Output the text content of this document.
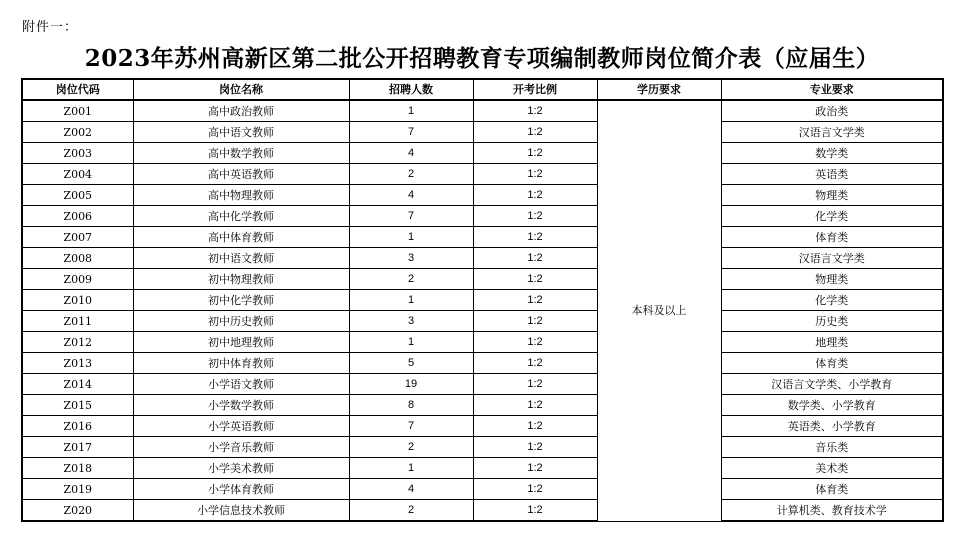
附件一：
2023年苏州高新区第二批公开招聘教育专项编制教师岗位简介表（应届生）
岗位代码	岗位名称	招聘人数	开考比例	学历要求	专业要求
Z001	高中政治教师	1	1:2	本科及以上	政治类
Z002	高中语文教师	7	1:2		汉语言文学类
Z003	高中数学教师	4	1:2		数学类
Z004	高中英语教师	2	1:2		英语类
Z005	高中物理教师	4	1:2		物理类
Z006	高中化学教师	7	1:2		化学类
Z007	高中体育教师	1	1:2		体育类
Z008	初中语文教师	3	1:2		汉语言文学类
Z009	初中物理教师	2	1:2		物理类
Z010	初中化学教师	1	1:2		化学类
Z011	初中历史教师	3	1:2		历史类
Z012	初中地理教师	1	1:2		地理类
Z013	初中体育教师	5	1:2		体育类
Z014	小学语文教师	19	1:2		汉语言文学类、小学教育
Z015	小学数学教师	8	1:2		数学类、小学教育
Z016	小学英语教师	7	1:2		英语类、小学教育
Z017	小学音乐教师	2	1:2		音乐类
Z018	小学美术教师	1	1:2		美术类
Z019	小学体育教师	4	1:2		体育类
Z020	小学信息技术教师	2	1:2		计算机类、教育技术学
